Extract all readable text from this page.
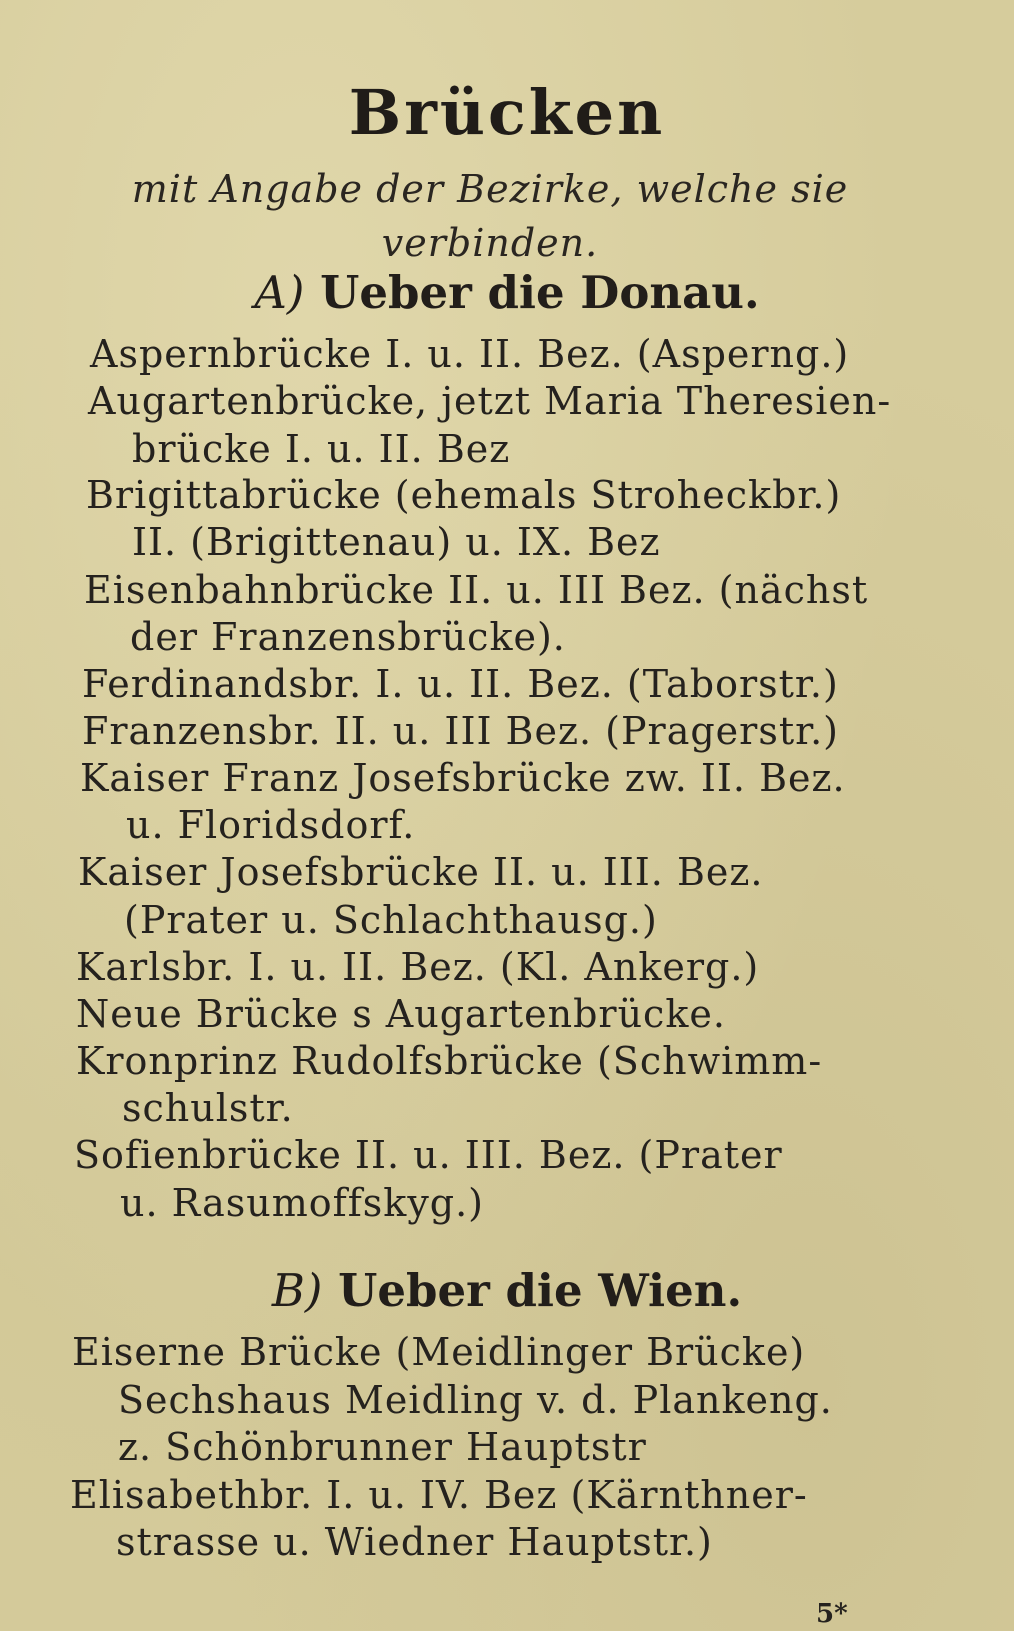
Brücken
mit Angabe der Bezirke, welche sie verbinden.
A) Ueber die Donau.
Aspernbrücke I. u. II. Bez. (Asperng.)
Augartenbrücke, jetzt Maria Theresien-
brücke I. u. II. Bez
Brigittabrücke (ehemals Stroheckbr.)
II. (Brigittenau) u. IX. Bez
Eisenbahnbrücke II. u. III Bez. (nächst
der Franzensbrücke).
Ferdinandsbr. I. u. II. Bez. (Taborstr.)
Franzensbr. II. u. III Bez. (Pragerstr.)
Kaiser Franz Josefsbrücke zw. II. Bez.
u. Floridsdorf.
Kaiser Josefsbrücke II. u. III. Bez.
(Prater u. Schlachthausg.)
Karlsbr. I. u. II. Bez. (Kl. Ankerg.)
Neue Brücke s Augartenbrücke.
Kronprinz Rudolfsbrücke (Schwimm-
schulstr.
Sofienbrücke II. u. III. Bez. (Prater
u. Rasumoffskyg.)
B) Ueber die Wien.
Eiserne Brücke (Meidlinger Brücke)
Sechshaus Meidling v. d. Plankeng.
z. Schönbrunner Hauptstr
Elisabethbr. I. u. IV. Bez (Kärnthner-
strasse u. Wiedner Hauptstr.)
5*
